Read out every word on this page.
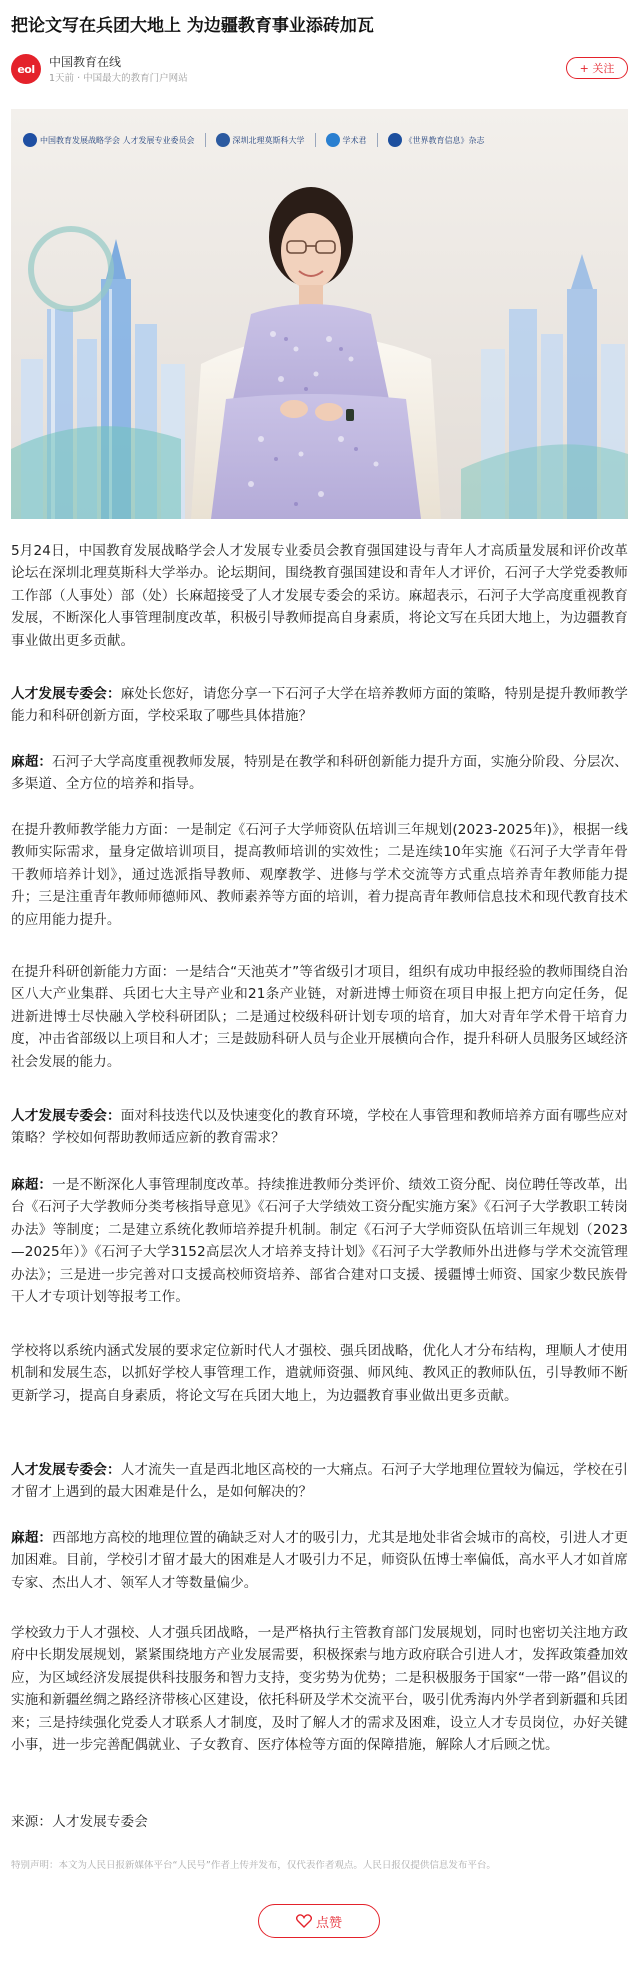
把论文写在兵团大地上 为边疆教育事业添砖加瓦
eol 中国教育在线
1天前 · 中国最大的教育门户网站
+ 关注
中国教育发展战略学会 人才发展专业委员会	深圳北理莫斯科大学	学术君	《世界教育信息》杂志
5月24日，中国教育发展战略学会人才发展专业委员会教育强国建设与青年人才高质量发展和评价改革论坛在深圳北理莫斯科大学举办。论坛期间，围绕教育强国建设和青年人才评价，石河子大学党委教师工作部（人事处）部（处）长麻超接受了人才发展专委会的采访。麻超表示，石河子大学高度重视教育发展，不断深化人事管理制度改革，积极引导教师提高自身素质，将论文写在兵团大地上，为边疆教育事业做出更多贡献。
人才发展专委会：麻处长您好，请您分享一下石河子大学在培养教师方面的策略，特别是提升教师教学能力和科研创新方面，学校采取了哪些具体措施？
麻超：石河子大学高度重视教师发展，特别是在教学和科研创新能力提升方面，实施分阶段、分层次、多渠道、全方位的培养和指导。
在提升教师教学能力方面：一是制定《石河子大学师资队伍培训三年规划(2023-2025年)》，根据一线教师实际需求，量身定做培训项目，提高教师培训的实效性；二是连续10年实施《石河子大学青年骨干教师培养计划》，通过选派指导教师、观摩教学、进修与学术交流等方式重点培养青年教师能力提升；三是注重青年教师师德师风、教师素养等方面的培训，着力提高青年教师信息技术和现代教育技术的应用能力提升。
在提升科研创新能力方面：一是结合“天池英才”等省级引才项目，组织有成功申报经验的教师围绕自治区八大产业集群、兵团七大主导产业和21条产业链，对新进博士师资在项目申报上把方向定任务，促进新进博士尽快融入学校科研团队；二是通过校级科研计划专项的培育，加大对青年学术骨干培育力度，冲击省部级以上项目和人才；三是鼓励科研人员与企业开展横向合作，提升科研人员服务区域经济社会发展的能力。
人才发展专委会：面对科技迭代以及快速变化的教育环境，学校在人事管理和教师培养方面有哪些应对策略？学校如何帮助教师适应新的教育需求？
麻超：一是不断深化人事管理制度改革。持续推进教师分类评价、绩效工资分配、岗位聘任等改革，出台《石河子大学教师分类考核指导意见》《石河子大学绩效工资分配实施方案》《石河子大学教职工转岗办法》等制度；二是建立系统化教师培养提升机制。制定《石河子大学师资队伍培训三年规划（2023—2025年）》《石河子大学3152高层次人才培养支持计划》《石河子大学教师外出进修与学术交流管理办法》；三是进一步完善对口支援高校师资培养、部省合建对口支援、援疆博士师资、国家少数民族骨干人才专项计划等报考工作。
学校将以系统内涵式发展的要求定位新时代人才强校、强兵团战略，优化人才分布结构，理顺人才使用机制和发展生态，以抓好学校人事管理工作，遣就师资强、师风纯、教风正的教师队伍，引导教师不断更新学习，提高自身素质，将论文写在兵团大地上，为边疆教育事业做出更多贡献。
人才发展专委会：人才流失一直是西北地区高校的一大痛点。石河子大学地理位置较为偏远，学校在引才留才上遇到的最大困难是什么，是如何解决的？
麻超：西部地方高校的地理位置的确缺乏对人才的吸引力，尤其是地处非省会城市的高校，引进人才更加困难。目前，学校引才留才最大的困难是人才吸引力不足，师资队伍博士率偏低，高水平人才如首席专家、杰出人才、领军人才等数量偏少。
学校致力于人才强校、人才强兵团战略，一是严格执行主管教育部门发展规划，同时也密切关注地方政府中长期发展规划，紧紧围绕地方产业发展需要，积极探索与地方政府联合引进人才，发挥政策叠加效应，为区域经济发展提供科技服务和智力支持，变劣势为优势；二是积极服务于国家“一带一路”倡议的实施和新疆丝绸之路经济带核心区建设，依托科研及学术交流平台，吸引优秀海内外学者到新疆和兵团来；三是持续强化党委人才联系人才制度，及时了解人才的需求及困难，设立人才专员岗位，办好关键小事，进一步完善配偶就业、子女教育、医疗体检等方面的保障措施，解除人才后顾之忧。
来源：人才发展专委会
特别声明：本文为人民日报新媒体平台“人民号”作者上传并发布，仅代表作者观点。人民日报仅提供信息发布平台。
点赞
